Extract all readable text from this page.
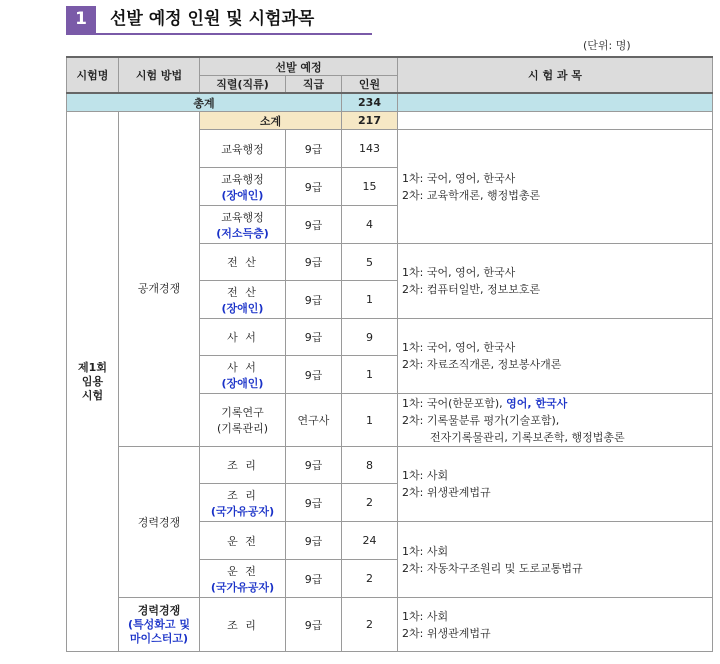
1	선발 예정 인원 및 시험과목
(단위: 명)
시험명	시험 방법	선발 예정			시 험 과 목
		직렬(직류)	직급	인원	
총계				234	

제1회
임용
시험		소계		217	
	공개경쟁	교육행정	9급	143	1차: 국어, 영어, 한국사
2차: 교육학개론, 행정법총론

		교육행정
(장애인)	9급	15	

		교육행정
(저소득층)	9급	4	

		전 산	9급	5	1차: 국어, 영어, 한국사
2차: 컴퓨터일반, 정보보호론

		전 산
(장애인)	9급	1	

		사 서	9급	9	1차: 국어, 영어, 한국사
2차: 자료조직개론, 정보봉사개론

		사 서
(장애인)	9급	1	

		기록연구
(기록관리)	연구사	1	1차: 국어(한문포함), 영어, 한국사
2차: 기록물분류 평가(기술포함),
전자기록물관리, 기록보존학, 행정법총론

	경력경쟁	조 리	9급	8	1차: 사회
2차: 위생관계법규

		조 리
(국가유공자)	9급	2	

		운 전	9급	24	1차: 사회
2차: 자동차구조원리 및 도로교통법규

		운 전
(국가유공자)	9급	2	

	경력경쟁
(특성화고 및
마이스터고)	조 리	9급	2	1차: 사회
2차: 위생관계법규
